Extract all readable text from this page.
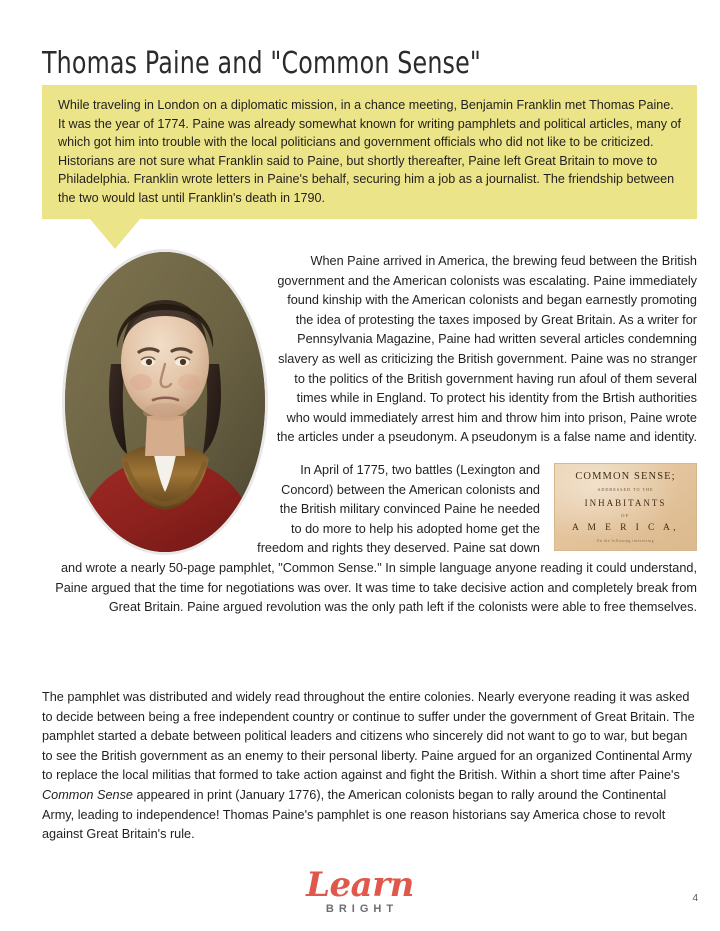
Thomas Paine and "Common Sense"

While traveling in London on a diplomatic mission, in a chance meeting, Benjamin Franklin met Thomas Paine. It was the year of 1774. Paine was already somewhat known for writing pamphlets and political articles, many of which got him into trouble with the local politicians and government officials who did not like to be criticized. Historians are not sure what Franklin said to Paine, but shortly thereafter, Paine left Great Britain to move to Philadelphia. Franklin wrote letters in Paine's behalf, securing him a job as a journalist. The friendship between the two would last until Franklin's death in 1790.

When Paine arrived in America, the brewing feud between the British government and the American colonists was escalating. Paine immediately found kinship with the American colonists and began earnestly promoting the idea of protesting the taxes imposed by Great Britain. As a writer for Pennsylvania Magazine, Paine had written several articles condemning slavery as well as criticizing the British government. Paine was no stranger to the politics of the British government having run afoul of them several times while in England. To protect his identity from the Brtish authorities who would immediately arrest him and throw him into prison, Paine wrote the articles under a pseudonym. A pseudonym is a false name and identity.

COMMON SENSE;
ADDRESSED TO THE
INHABITANTS
OF
A M E R I C A,
On the following interesting

In April of 1775, two battles (Lexington and Concord) between the American colonists and the British military convinced Paine he needed to do more to help his adopted home get the freedom and rights they deserved. Paine sat down and wrote a nearly 50-page pamphlet, "Common Sense." In simple language anyone reading it could understand, Paine argued that the time for negotiations was over. It was time to take decisive action and completely break from Great Britain. Paine argued revolution was the only path left if the colonists were able to free themselves.

The pamphlet was distributed and widely read throughout the entire colonies. Nearly everyone reading it was asked to decide between being a free independent country or continue to suffer under the government of Great Britain. The pamphlet started a debate between political leaders and citizens who sincerely did not want to go to war, but began to see the British government as an enemy to their personal liberty. Paine argued for an organized Continental Army to replace the local militias that formed to take action against and fight the British. Within a short time after Paine's Common Sense appeared in print (January 1776), the American colonists began to rally around the Continental Army, leading to independence! Thomas Paine's pamphlet is one reason historians say America chose to revolt against Great Britain's rule.
Learn
BRIGHT
4
